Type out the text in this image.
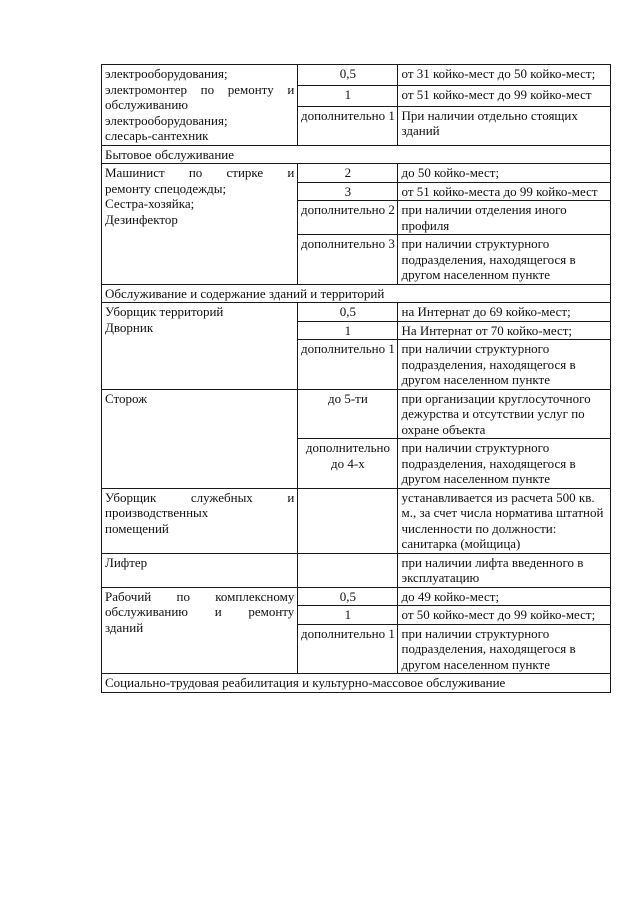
электрооборудования;

электромонтер по ремонту и

обслуживанию

электрооборудования;

слесарь-сантехник	0,5	от 31 койко-мест до 50 койко-мест;
	1	от 51 койко-мест до 99 койко-мест
	дополнительно 1	При наличии отдельно стоящих зданий
Бытовое обслуживание		

Машинист по стирке и

ремонту спецодежды;

Сестра-хозяйка;

Дезинфектор	2	до 50 койко-мест;
	3	от 51 койко-места до 99 койко-мест
	дополнительно 2	при наличии отделения иного профиля
	дополнительно 3	при наличии структурного подразделения, находящегося в другом населенном пункте
Обслуживание и содержание зданий и территорий		

Уборщик территорий
Дворник	0,5	на Интернат до 69 койко-мест;
	1	На Интернат от 70 койко-мест;
	дополнительно 1	при наличии структурного подразделения, находящегося в другом населенном пункте
Сторож	до 5-ти	при организации круглосуточного дежурства и отсутствии услуг по охране объекта
	дополнительно до 4-х	при наличии структурного подразделения, находящегося в другом населенном пункте

Уборщик служебных и

производственных

помещений		устанавливается из расчета 500 кв. м., за счет числа норматива штатной численности по должности: санитарка (мойщица)
Лифтер		при наличии лифта введенного в эксплуатацию

Рабочий по комплексному

обслуживанию и ремонту

зданий	0,5	до 49 койко-мест;
	1	от 50 койко-мест до 99 койко-мест;
	дополнительно 1	при наличии структурного подразделения, находящегося в другом населенном пункте
Социально-трудовая реабилитация и культурно-массовое обслуживание		
